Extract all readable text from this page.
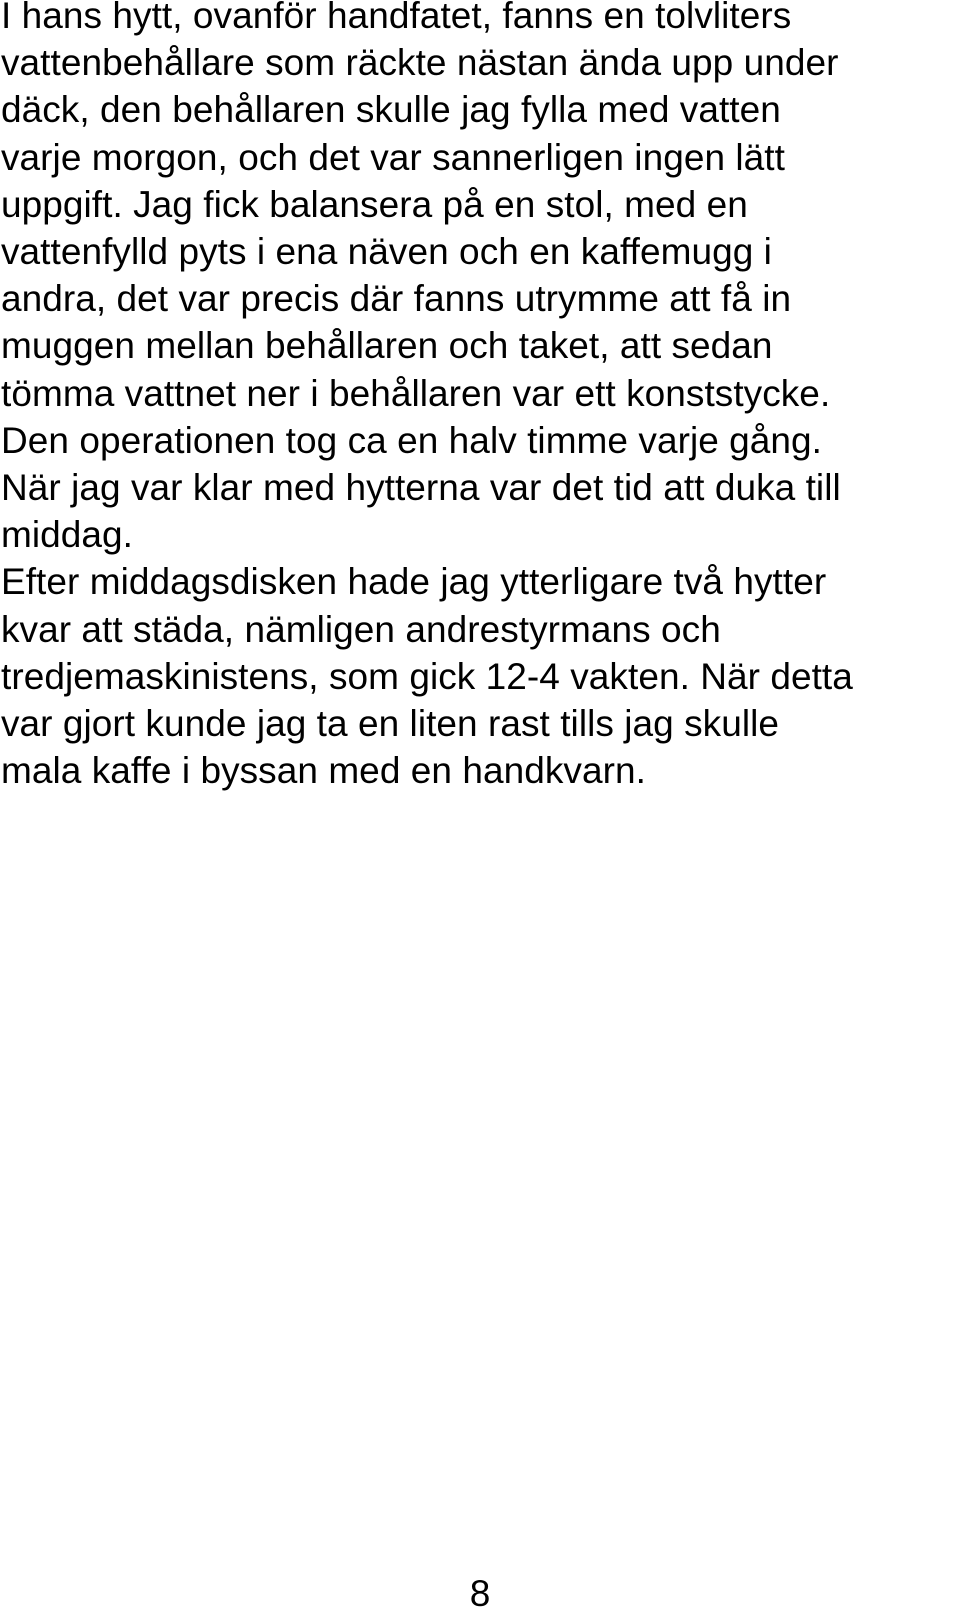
I hans hytt, ovanför handfatet, fanns en tolvliters
vattenbehållare som räckte nästan ända upp under
däck, den behållaren skulle jag fylla med vatten
varje morgon, och det var sannerligen ingen lätt
uppgift. Jag fick balansera på en stol, med en
vattenfylld pyts i ena näven och en kaffemugg i
andra, det var precis där fanns utrymme att få in
muggen mellan behållaren och taket, att sedan
tömma vattnet ner i behållaren var ett konststycke.
Den operationen tog ca en halv timme varje gång.
När jag var klar med hytterna var det tid att duka till
middag.
Efter middagsdisken hade jag ytterligare två hytter
kvar att städa, nämligen andrestyrmans och
tredjemaskinistens, som gick 12-4 vakten. När detta
var gjort kunde jag ta en liten rast tills jag skulle
mala kaffe i byssan med en handkvarn.
8
